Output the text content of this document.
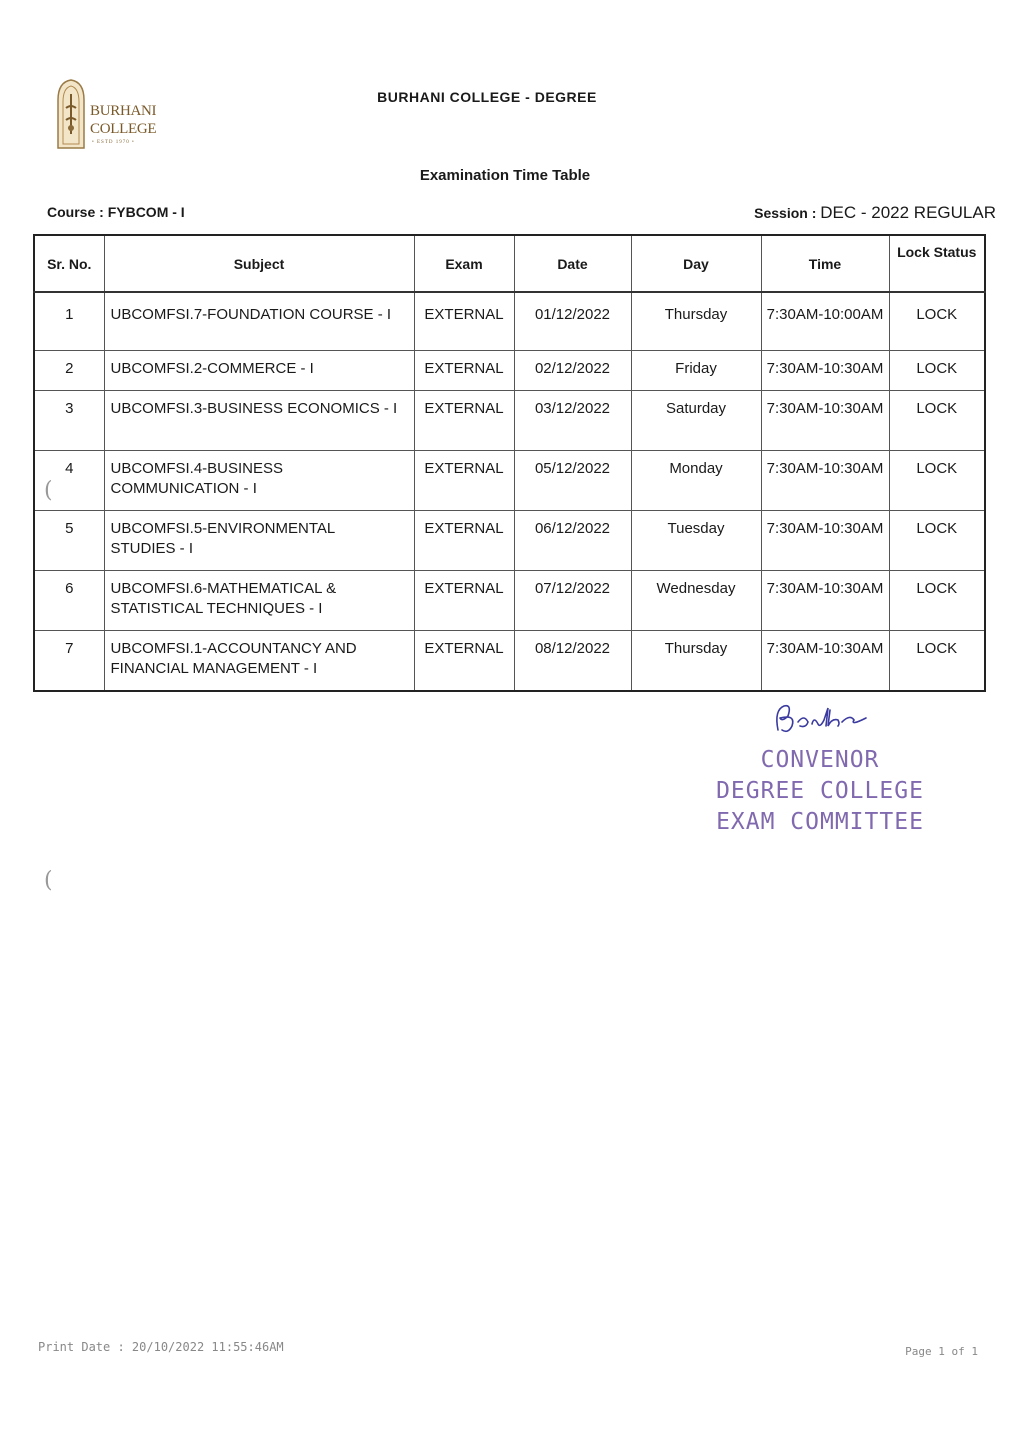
BURHANI
COLLEGE
• ESTD 1970 •
BURHANI COLLEGE - DEGREE
Examination Time Table
Course : FYBCOM - I	Session : DEC - 2022 REGULAR
Sr. No.	Subject	Exam	Date	Day	Time	Lock Status
1	UBCOMFSI.7-FOUNDATION COURSE - I	EXTERNAL	01/12/2022	Thursday	7:30AM-10:00AM	LOCK
2	UBCOMFSI.2-COMMERCE - I	EXTERNAL	02/12/2022	Friday	7:30AM-10:30AM	LOCK
3	UBCOMFSI.3-BUSINESS ECONOMICS - I	EXTERNAL	03/12/2022	Saturday	7:30AM-10:30AM	LOCK
4	UBCOMFSI.4-BUSINESS COMMUNICATION - I	EXTERNAL	05/12/2022	Monday	7:30AM-10:30AM	LOCK
5	UBCOMFSI.5-ENVIRONMENTAL STUDIES - I	EXTERNAL	06/12/2022	Tuesday	7:30AM-10:30AM	LOCK
6	UBCOMFSI.6-MATHEMATICAL & STATISTICAL TECHNIQUES - I	EXTERNAL	07/12/2022	Wednesday	7:30AM-10:30AM	LOCK
7	UBCOMFSI.1-ACCOUNTANCY AND FINANCIAL MANAGEMENT - I	EXTERNAL	08/12/2022	Thursday	7:30AM-10:30AM	LOCK
CONVENOR
DEGREE COLLEGE
EXAM COMMITTEE
(
(
Print Date : 20/10/2022 11:55:46AM	Page 1 of 1
